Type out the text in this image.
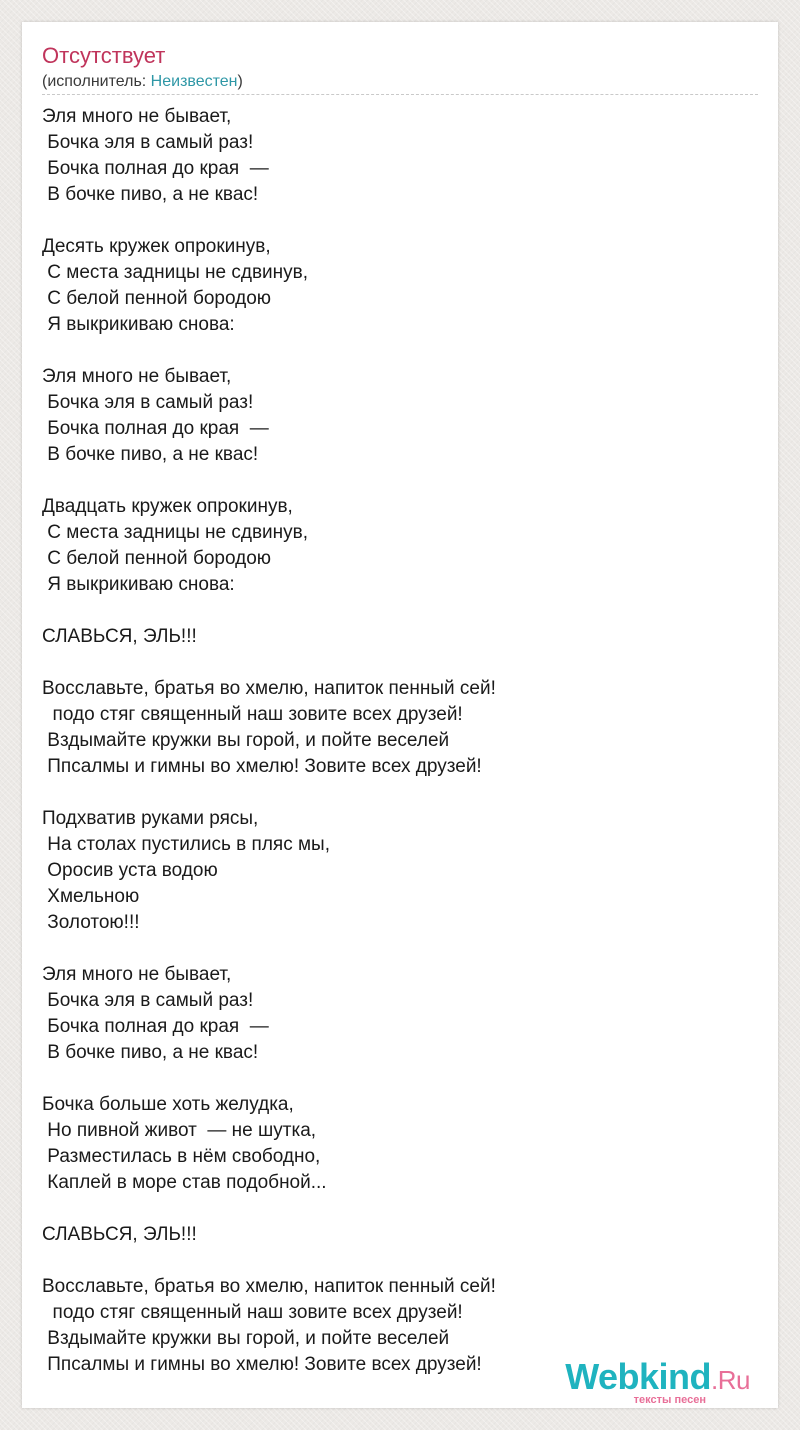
Отсутствует
(исполнитель: Неизвестен)
Эля много не бывает,
Бочка эля в самый раз!
Бочка полная до края  —
В бочке пиво, а не квас!

Десять кружек опрокинув,
С места задницы не сдвинув,
С белой пенной бородою
Я выкрикиваю снова:

Эля много не бывает,
Бочка эля в самый раз!
Бочка полная до края  —
В бочке пиво, а не квас!

Двадцать кружек опрокинув,
С места задницы не сдвинув,
С белой пенной бородою
Я выкрикиваю снова:

СЛАВЬСЯ, ЭЛЬ!!!

Восславьте, братья во хмелю, напиток пенный сей!
подо стяг священный наш зовите всех друзей!
Вздымайте кружки вы горой, и пойте веселей
Ппсалмы и гимны во хмелю! Зовите всех друзей!

Подхватив руками рясы,
На столах пустились в пляс мы,
Оросив уста водою
Хмельною
Золотою!!!

Эля много не бывает,
Бочка эля в самый раз!
Бочка полная до края  —
В бочке пиво, а не квас!

Бочка больше хоть желудка,
Но пивной живот  — не шутка,
Разместилась в нём свободно,
Каплей в море став подобной...

СЛАВЬСЯ, ЭЛЬ!!!

Восславьте, братья во хмелю, напиток пенный сей!
подо стяг священный наш зовите всех друзей!
Вздымайте кружки вы горой, и пойте веселей
Ппсалмы и гимны во хмелю! Зовите всех друзей!	Webkind.Ru
тексты песен
